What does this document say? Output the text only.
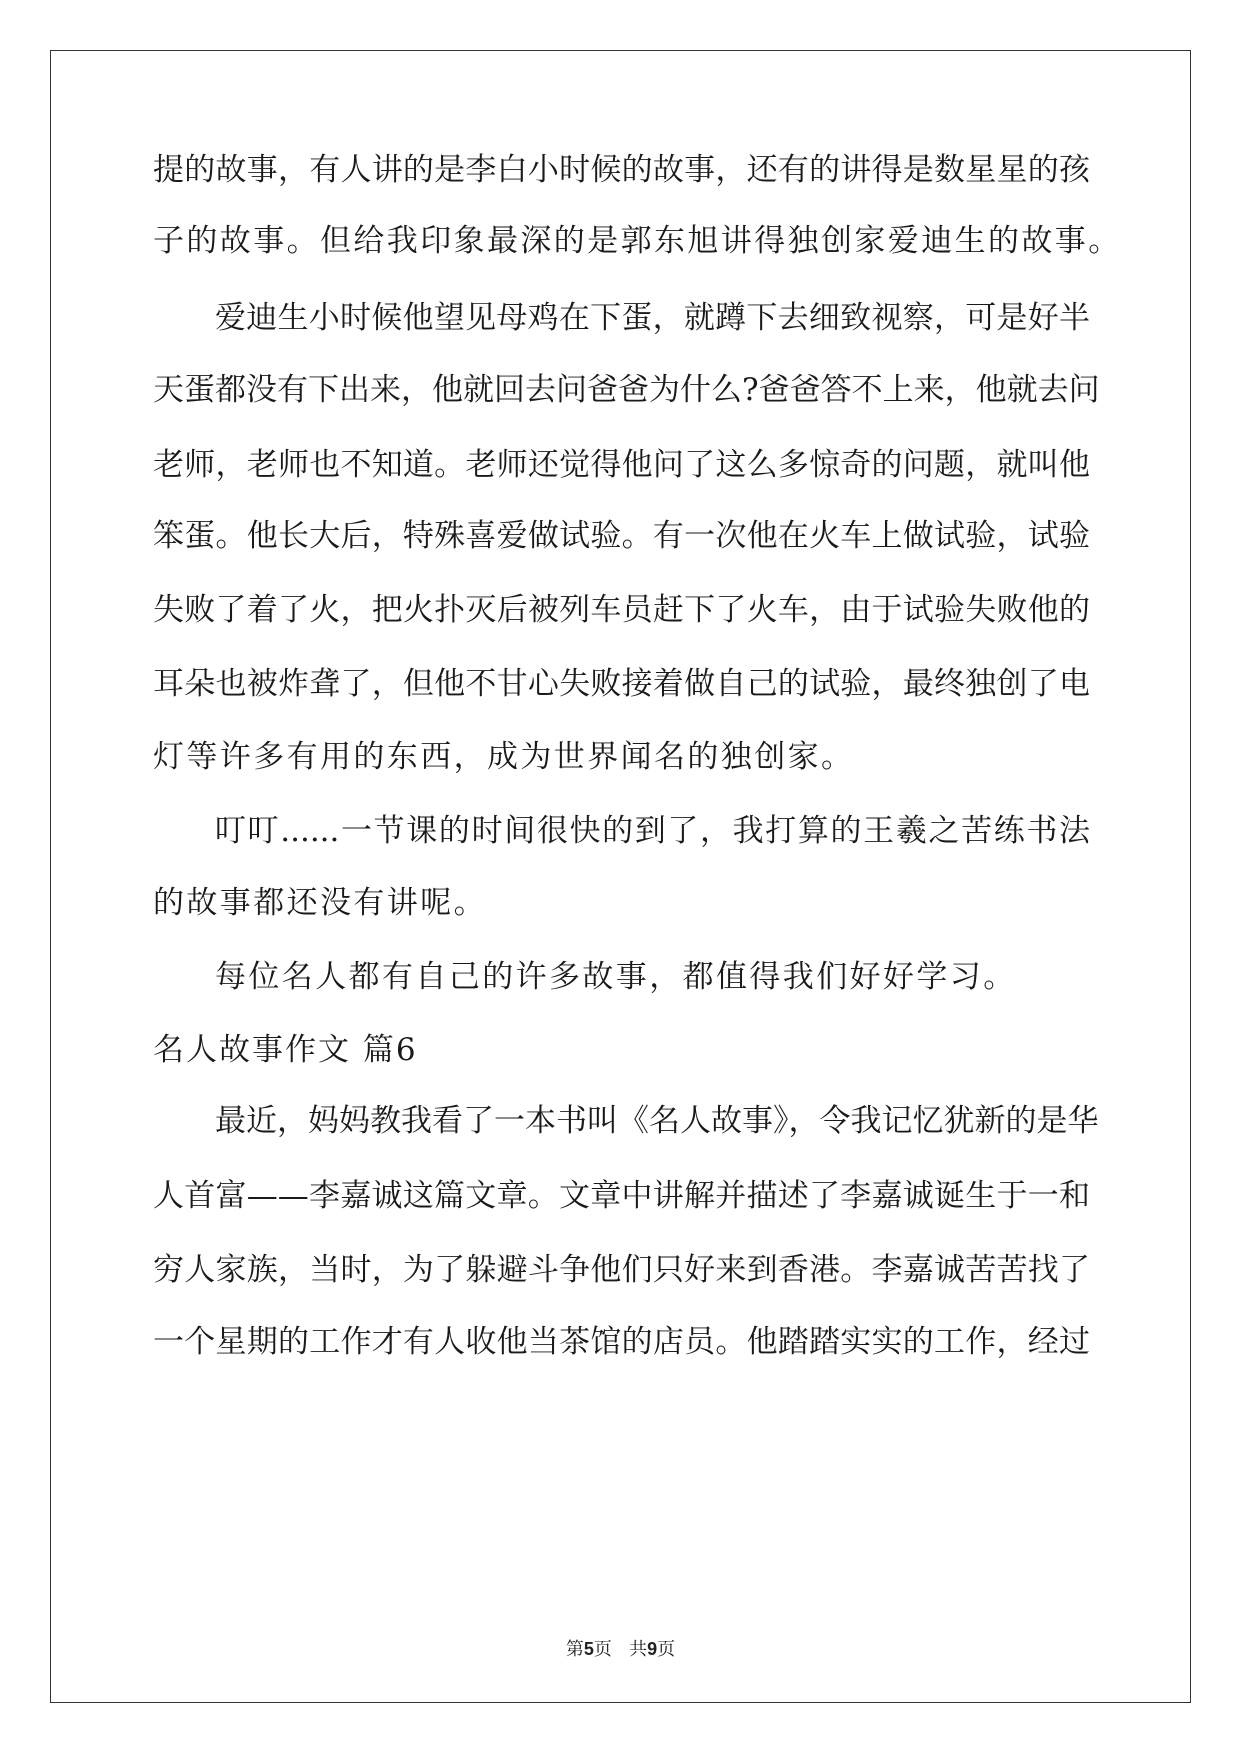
提的故事，有人讲的是李白小时候的故事，还有的讲得是数星星的孩
子的故事。但给我印象最深的是郭东旭讲得独创家爱迪生的故事。
爱迪生小时候他望见母鸡在下蛋，就蹲下去细致视察，可是好半
天蛋都没有下出来，他就回去问爸爸为什么?爸爸答不上来，他就去问
老师，老师也不知道。老师还觉得他问了这么多惊奇的问题，就叫他
笨蛋。他长大后，特殊喜爱做试验。有一次他在火车上做试验，试验
失败了着了火，把火扑灭后被列车员赶下了火车，由于试验失败他的
耳朵也被炸聋了，但他不甘心失败接着做自己的试验，最终独创了电
灯等许多有用的东西，成为世界闻名的独创家。
叮叮......一节课的时间很快的到了，我打算的王羲之苦练书法
的故事都还没有讲呢。
每位名人都有自己的许多故事，都值得我们好好学习。
名人故事作文 篇6
最近，妈妈教我看了一本书叫《名人故事》，令我记忆犹新的是华
人首富——李嘉诚这篇文章。文章中讲解并描述了李嘉诚诞生于一和
穷人家族，当时，为了躲避斗争他们只好来到香港。李嘉诚苦苦找了
一个星期的工作才有人收他当茶馆的店员。他踏踏实实的工作，经过
第5页   共9页
